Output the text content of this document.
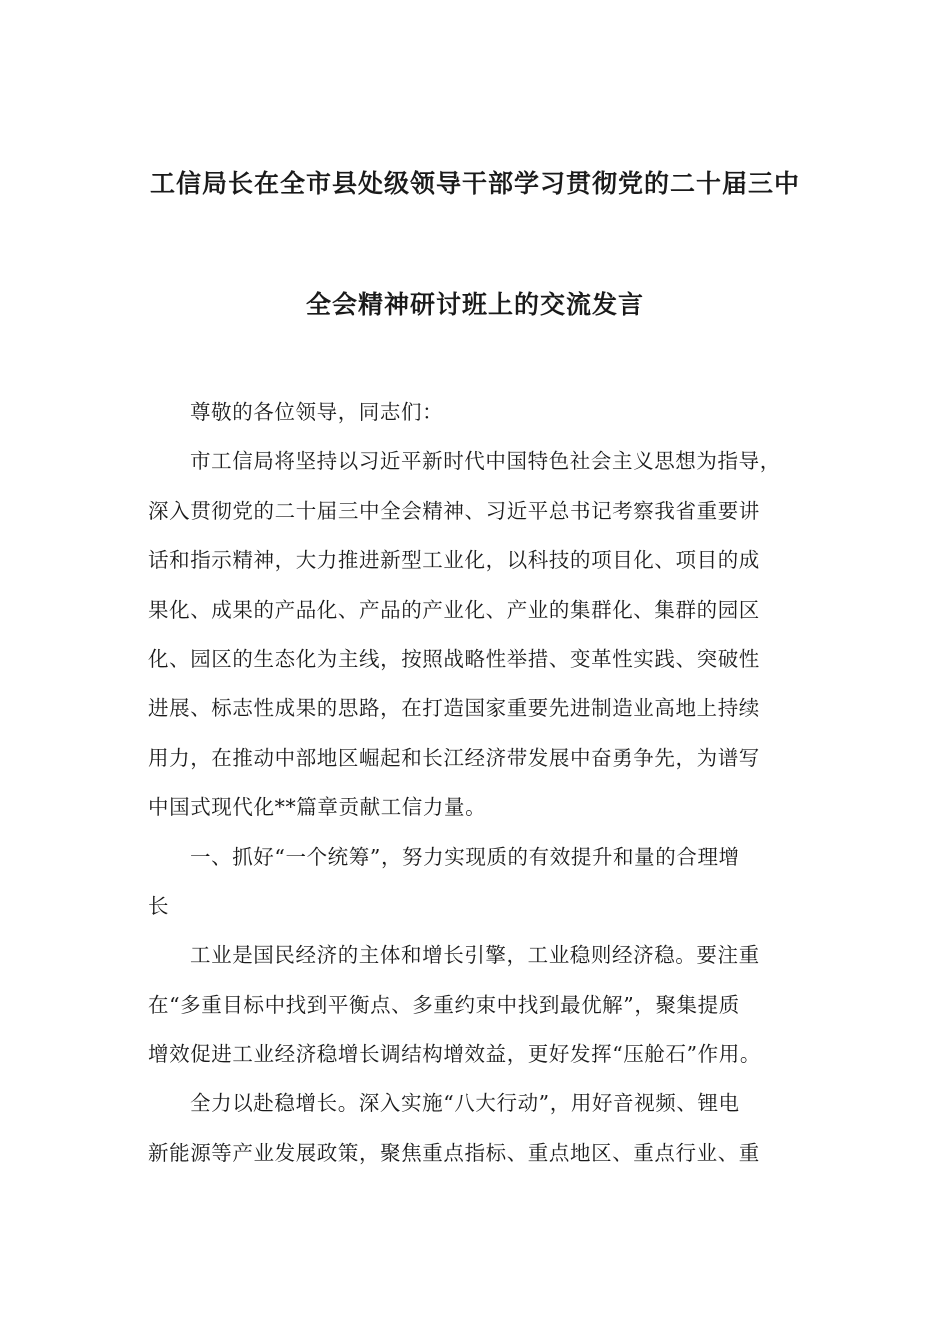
工信局长在全市县处级领导干部学习贯彻党的二十届三中
全会精神研讨班上的交流发言
尊敬的各位领导，同志们：
市工信局将坚持以习近平新时代中国特色社会主义思想为指导，
深入贯彻党的二十届三中全会精神、习近平总书记考察我省重要讲
话和指示精神，大力推进新型工业化，以科技的项目化、项目的成
果化、成果的产品化、产品的产业化、产业的集群化、集群的园区
化、园区的生态化为主线，按照战略性举措、变革性实践、突破性
进展、标志性成果的思路，在打造国家重要先进制造业高地上持续
用力，在推动中部地区崛起和长江经济带发展中奋勇争先，为谱写
中国式现代化**篇章贡献工信力量。
一、抓好“一个统筹”，努力实现质的有效提升和量的合理增
长
工业是国民经济的主体和增长引擎，工业稳则经济稳。要注重
在“多重目标中找到平衡点、多重约束中找到最优解”，聚集提质
增效促进工业经济稳增长调结构增效益，更好发挥“压舱石”作用。
全力以赴稳增长。深入实施“八大行动”，用好音视频、锂电
新能源等产业发展政策，聚焦重点指标、重点地区、重点行业、重
